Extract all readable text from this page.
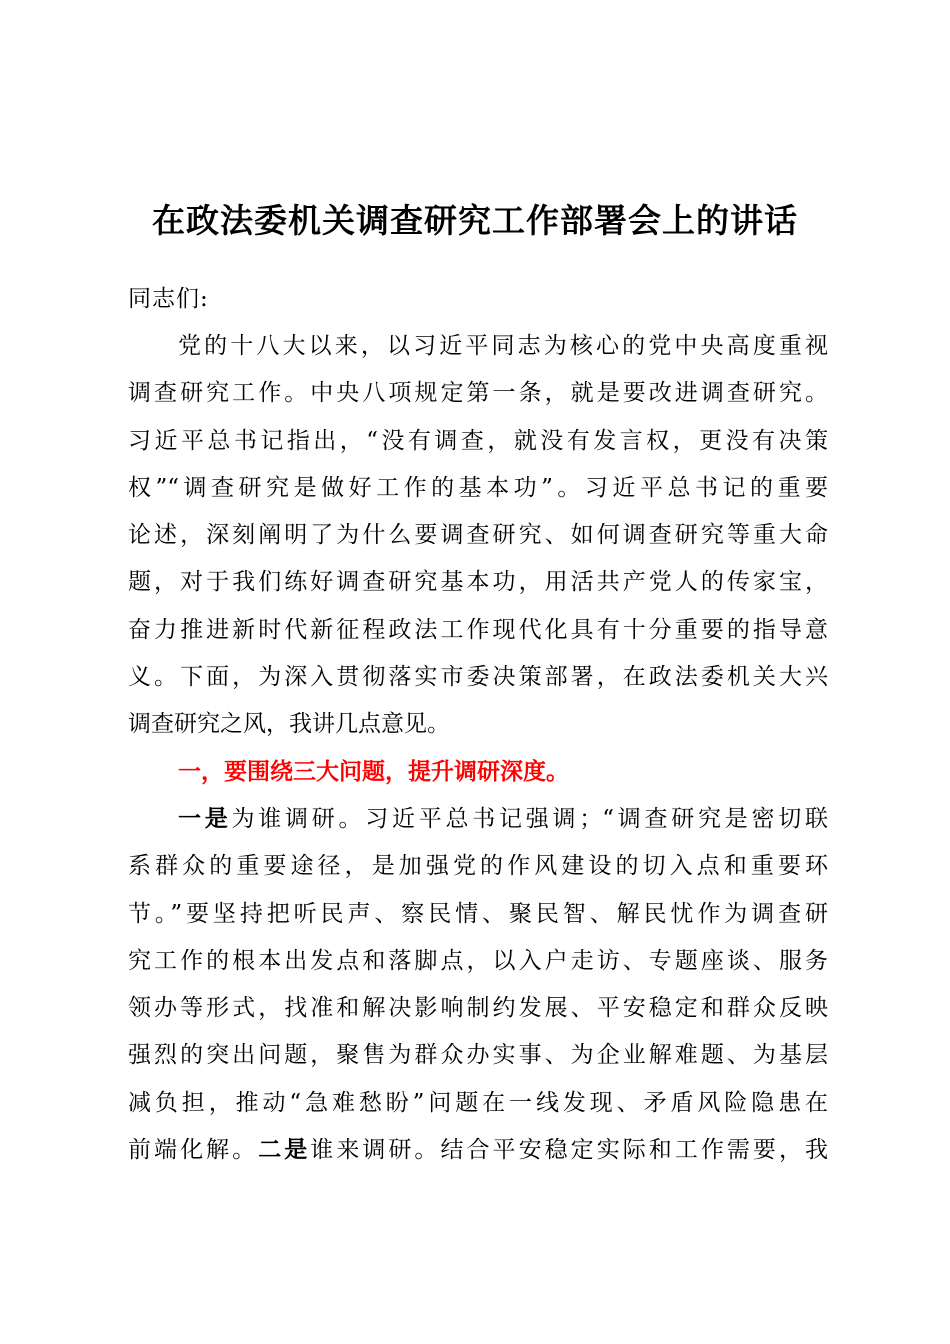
在政法委机关调查研究工作部署会上的讲话

同志们:

党的十八大以来，以习近平同志为核心的党中央高度重视
调查研究工作。中央八项规定第一条，就是要改进调查研究。
习近平总书记指出，“没有调查，就没有发言权，更没有决策
权”“调查研究是做好工作的基本功”。习近平总书记的重要
论述，深刻阐明了为什么要调查研究、如何调查研究等重大命
题，对于我们练好调查研究基本功，用活共产党人的传家宝，
奋力推进新时代新征程政法工作现代化具有十分重要的指导意
义。下面，为深入贯彻落实市委决策部署，在政法委机关大兴
调查研究之风，我讲几点意见。
一，要围绕三大问题，提升调研深度。
一是为谁调研。习近平总书记强调；“调查研究是密切联
系群众的重要途径，是加强党的作风建设的切入点和重要环
节。”要坚持把听民声、察民情、聚民智、解民忧作为调查研
究工作的根本出发点和落脚点，以入户走访、专题座谈、服务
领办等形式，找准和解决影响制约发展、平安稳定和群众反映
强烈的突出问题，聚售为群众办实事、为企业解难题、为基层
减负担，推动“急难愁盼”问题在一线发现、矛盾风险隐患在
前端化解。二是谁来调研。结合平安稳定实际和工作需要，我
